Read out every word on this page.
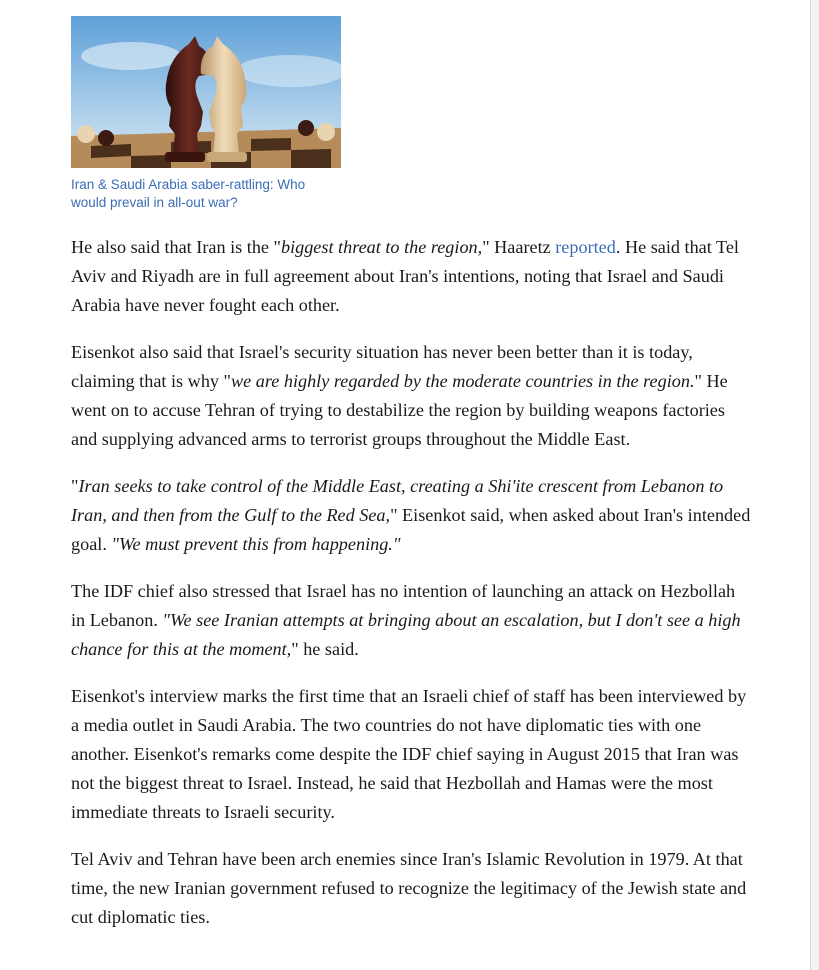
Iran & Saudi Arabia saber-rattling: Who would prevail in all-out war?

He also said that Iran is the "biggest threat to the region," Haaretz reported. He said that Tel Aviv and Riyadh are in full agreement about Iran's intentions, noting that Israel and Saudi Arabia have never fought each other.

Eisenkot also said that Israel's security situation has never been better than it is today, claiming that is why "we are highly regarded by the moderate countries in the region." He went on to accuse Tehran of trying to destabilize the region by building weapons factories and supplying advanced arms to terrorist groups throughout the Middle East.

"Iran seeks to take control of the Middle East, creating a Shi'ite crescent from Lebanon to Iran, and then from the Gulf to the Red Sea," Eisenkot said, when asked about Iran's intended goal. "We must prevent this from happening."

The IDF chief also stressed that Israel has no intention of launching an attack on Hezbollah in Lebanon. "We see Iranian attempts at bringing about an escalation, but I don't see a high chance for this at the moment," he said.

Eisenkot's interview marks the first time that an Israeli chief of staff has been interviewed by a media outlet in Saudi Arabia. The two countries do not have diplomatic ties with one another. Eisenkot's remarks come despite the IDF chief saying in August 2015 that Iran was not the biggest threat to Israel. Instead, he said that Hezbollah and Hamas were the most immediate threats to Israeli security.

Tel Aviv and Tehran have been arch enemies since Iran's Islamic Revolution in 1979. At that time, the new Iranian government refused to recognize the legitimacy of the Jewish state and cut diplomatic ties.
